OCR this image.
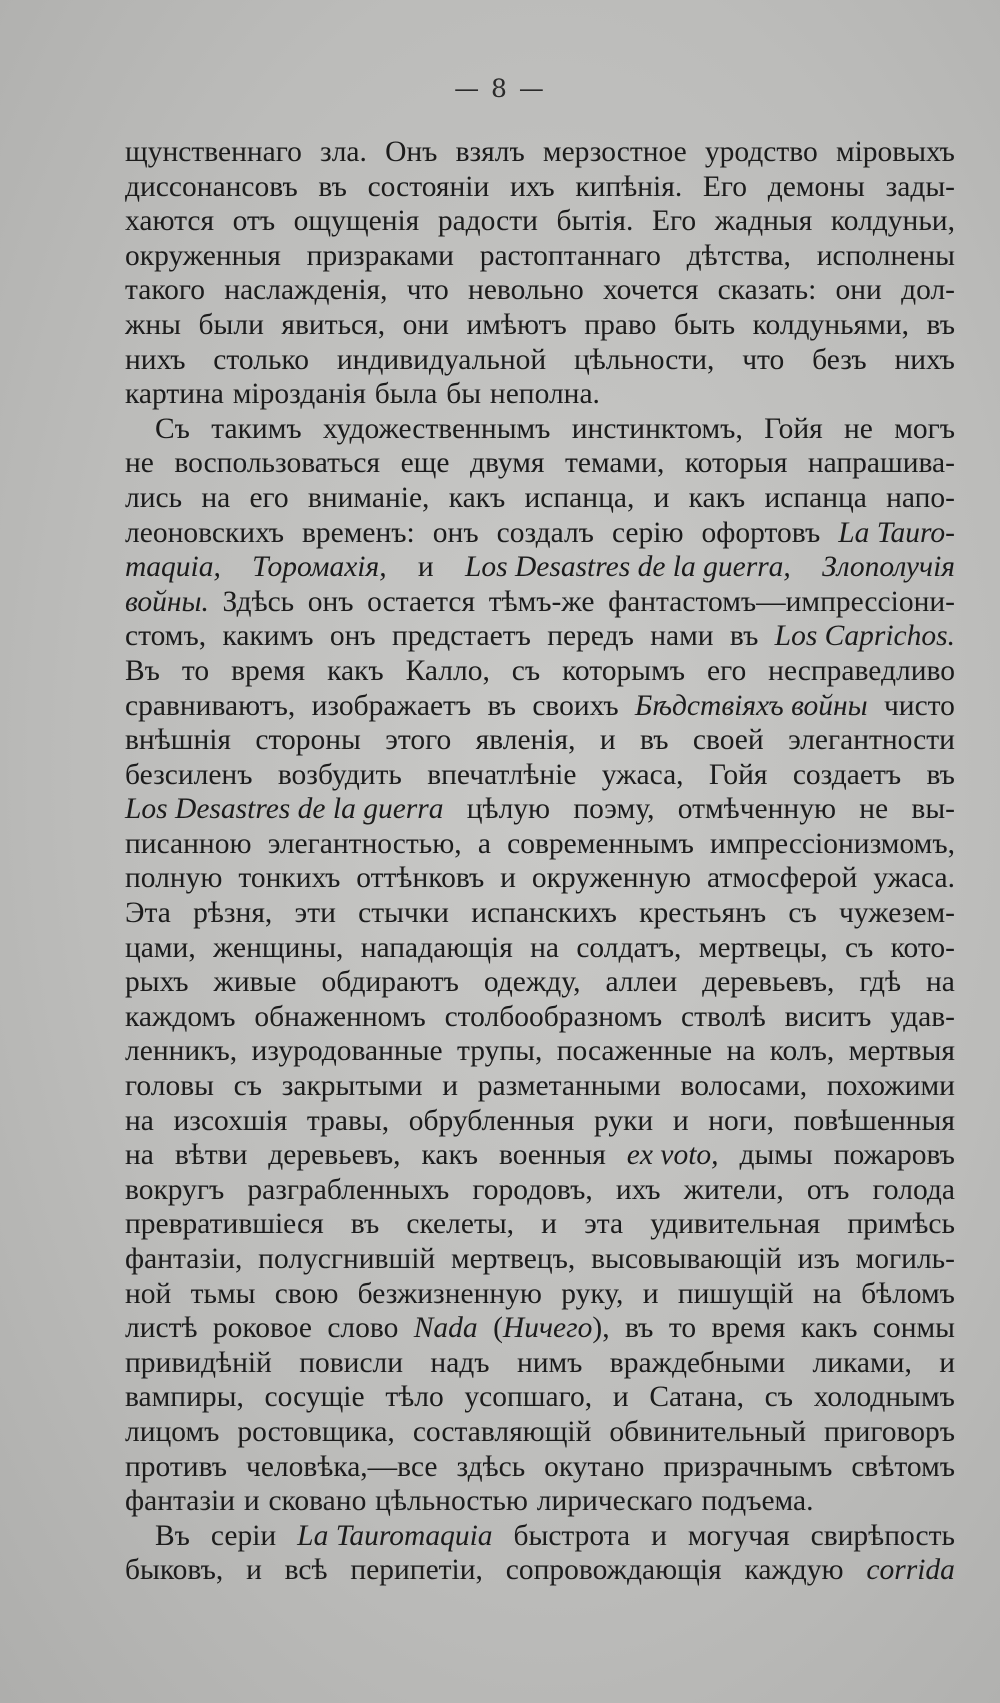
— 8 —
щунственнаго зла. Онъ взялъ мерзостное уродство мiровыхъ
диссонансовъ въ состоянiи ихъ кипѣнiя. Его демоны зады-
хаются отъ ощущенiя радости бытiя. Его жадныя колдуньи,
окруженныя призраками растоптаннаго дѣтства, исполнены
такого наслажденiя, что невольно хочется сказать: они дол-
жны были явиться, они имѣютъ право быть колдуньями, въ
нихъ столько индивидуальной цѣльности, что безъ нихъ
картина мiрозданiя была бы неполна.
Съ такимъ художественнымъ инстинктомъ, Гойя не могъ
не воспользоваться еще двумя темами, которыя напрашива-
лись на его вниманiе, какъ испанца, и какъ испанца напо-
леоновскихъ временъ: онъ создалъ серiю офортовъ La Tauro-
maquia, Торомахiя, и Los Desastres de la guerra, Злополучiя
войны. Здѣсь онъ остается тѣмъ-же фантастомъ—импрессiони-
стомъ, какимъ онъ предстаетъ передъ нами въ Los Caprichos.
Въ то время какъ Калло, съ которымъ его несправедливо
сравниваютъ, изображаетъ въ своихъ Бѣдствiяхъ войны чисто
внѣшнiя стороны этого явленiя, и въ своей элегантности
безсиленъ возбудить впечатлѣнiе ужаса, Гойя создаетъ въ
Los Desastres de la guerra цѣлую поэму, отмѣченную не вы-
писанною элегантностью, а современнымъ импрессiонизмомъ,
полную тонкихъ оттѣнковъ и окруженную атмосферой ужаса.
Эта рѣзня, эти стычки испанскихъ крестьянъ съ чужезем-
цами, женщины, нападающiя на солдатъ, мертвецы, съ кото-
рыхъ живые обдираютъ одежду, аллеи деревьевъ, гдѣ на
каждомъ обнаженномъ столбообразномъ стволѣ виситъ удав-
ленникъ, изуродованные трупы, посаженные на колъ, мертвыя
головы съ закрытыми и разметанными волосами, похожими
на изсохшiя травы, обрубленныя руки и ноги, повѣшенныя
на вѣтви деревьевъ, какъ военныя ex voto, дымы пожаровъ
вокругъ разграбленныхъ городовъ, ихъ жители, отъ голода
превратившiеся въ скелеты, и эта удивительная примѣсь
фантазiи, полусгнившiй мертвецъ, высовывающiй изъ могиль-
ной тьмы свою безжизненную руку, и пишущiй на бѣломъ
листѣ роковое слово Nada (Ничего), въ то время какъ сонмы
привидѣнiй повисли надъ нимъ враждебными ликами, и
вампиры, сосущiе тѣло усопшаго, и Сатана, съ холоднымъ
лицомъ ростовщика, составляющiй обвинительный приговоръ
противъ человѣка,—все здѣсь окутано призрачнымъ свѣтомъ
фантазiи и сковано цѣльностью лирическаго подъема.
Въ серiи La Tauromaquia быстрота и могучая свирѣпость
быковъ, и всѣ перипетiи, сопровождающiя каждую corrida
